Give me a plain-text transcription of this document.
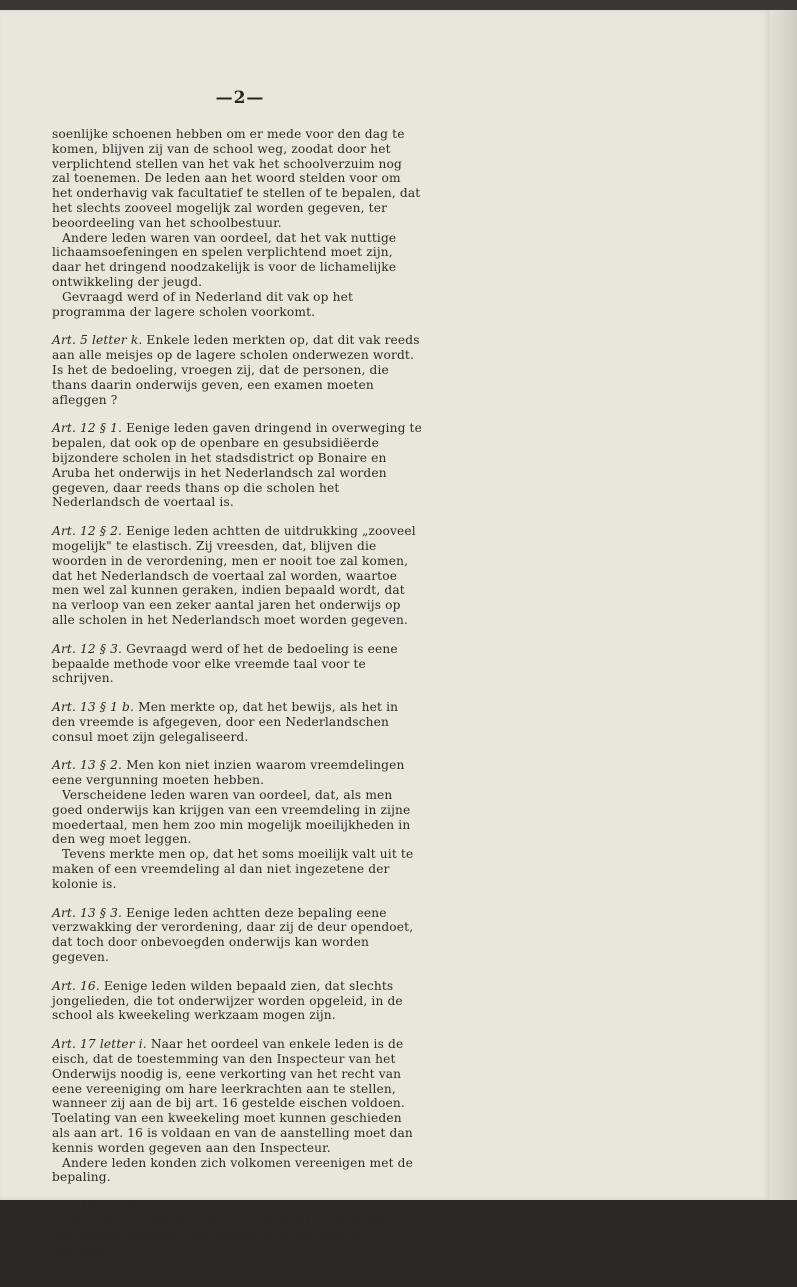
—2—

soenlijke schoenen hebben om er mede voor den dag te komen, blijven zij van de school weg, zoodat door het verplichtend stellen van het vak het schoolverzuim nog zal toenemen. De leden aan het woord stelden voor om het onderhavig vak facultatief te stellen of te bepalen, dat het slechts zooveel mogelijk zal worden gegeven, ter beoordeeling van het schoolbestuur.

Andere leden waren van oordeel, dat het vak nuttige lichaamsoefeningen en spelen verplichtend moet zijn, daar het dringend noodzakelijk is voor de lichamelijke ontwikkeling der jeugd.

Gevraagd werd of in Nederland dit vak op het programma der lagere scholen voorkomt.

Art. 5 letter k. Enkele leden merkten op, dat dit vak reeds aan alle meisjes op de lagere scholen onderwezen wordt. Is het de bedoeling, vroegen zij, dat de personen, die thans daarin onderwijs geven, een examen moeten afleggen ?

Art. 12 § 1. Eenige leden gaven dringend in overweging te bepalen, dat ook op de openbare en gesubsidiëerde bijzondere scholen in het stadsdistrict op Bonaire en Aruba het onderwijs in het Nederlandsch zal worden gegeven, daar reeds thans op die scholen het Nederlandsch de voertaal is.

Art. 12 § 2. Eenige leden achtten de uitdrukking „zooveel mogelijk" te elastisch. Zij vreesden, dat, blijven die woorden in de verordening, men er nooit toe zal komen, dat het Nederlandsch de voertaal zal worden, waartoe men wel zal kunnen geraken, indien bepaald wordt, dat na verloop van een zeker aantal jaren het onderwijs op alle scholen in het Nederlandsch moet worden gegeven.

Art. 12 § 3. Gevraagd werd of het de bedoeling is eene bepaalde methode voor elke vreemde taal voor te schrijven.

Art. 13 § 1 b. Men merkte op, dat het bewijs, als het in den vreemde is afgegeven, door een Nederlandschen consul moet zijn gelegaliseerd.

Art. 13 § 2. Men kon niet inzien waarom vreemdelingen eene vergunning moeten hebben.

Verscheidene leden waren van oordeel, dat, als men goed onderwijs kan krijgen van een vreemdeling in zijne moedertaal, men hem zoo min mogelijk moeilijkheden in den weg moet leggen.

Tevens merkte men op, dat het soms moeilijk valt uit te maken of een vreemdeling al dan niet ingezetene der kolonie is.

Art. 13 § 3. Eenige leden achtten deze bepaling eene verzwakking der verordening, daar zij de deur opendoet, dat toch door onbevoegden onderwijs kan worden gegeven.

Art. 16. Eenige leden wilden bepaald zien, dat slechts jongelieden, die tot onderwijzer worden opgeleid, in de school als kweekeling werkzaam mogen zijn.

Art. 17 letter i. Naar het oordeel van enkele leden is de eisch, dat de toestemming van den Inspecteur van het Onderwijs noodig is, eene verkorting van het recht van eene vereeniging om hare leerkrachten aan te stellen, wanneer zij aan de bij art. 16 gestelde eischen voldoen. Toelating van een kweekeling moet kunnen geschieden als aan art. 16 is voldaan en van de aanstelling moet dan kennis worden gegeven aan den Inspecteur.

Andere leden konden zich volkomen vereenigen met de bepaling.

Art. 18 § 1. Men wenschte de aandacht van het Bestuur er op te vestigen, dat deze alinea gewijzigd moet worden, nu het nieuwe Wetboek van Strafrecht in werking is getreden.

Art. 22. Gevraagd werd waaraan het toe te schrijven is,
